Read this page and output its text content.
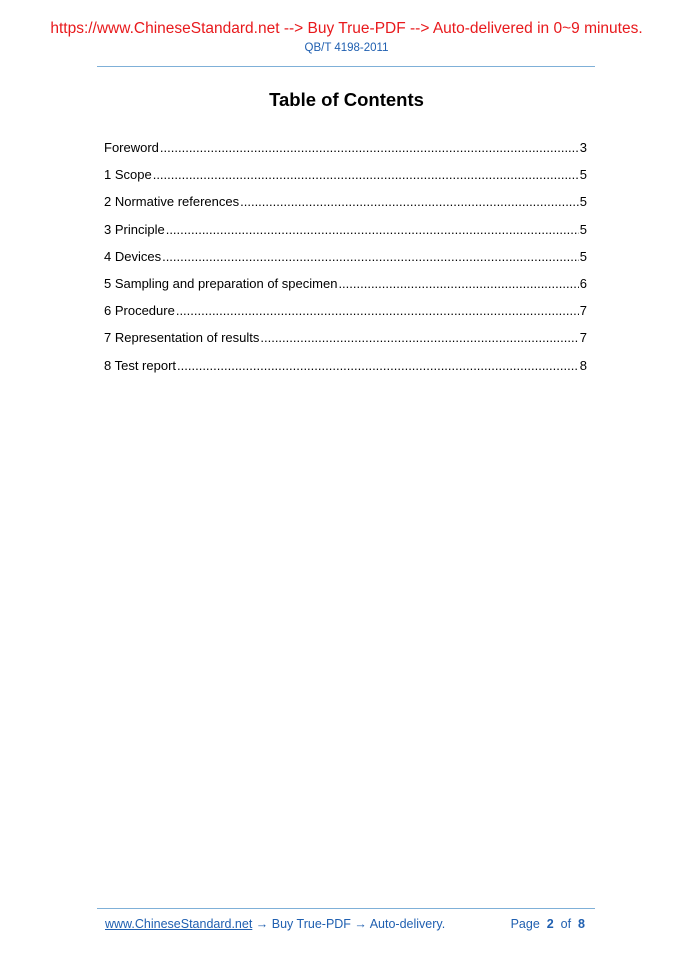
https://www.ChineseStandard.net --> Buy True-PDF --> Auto-delivered in 0~9 minutes.
QB/T 4198-2011
Table of Contents
Foreword .....	3
1 Scope .....	5
2 Normative references .....	5
3 Principle .....	5
4 Devices .....	5
5 Sampling and preparation of specimen .....	6
6 Procedure .....	7
7 Representation of results .....	7
8 Test report .....	8
www.ChineseStandard.net → Buy True-PDF → Auto-delivery.	Page 2 of 8
